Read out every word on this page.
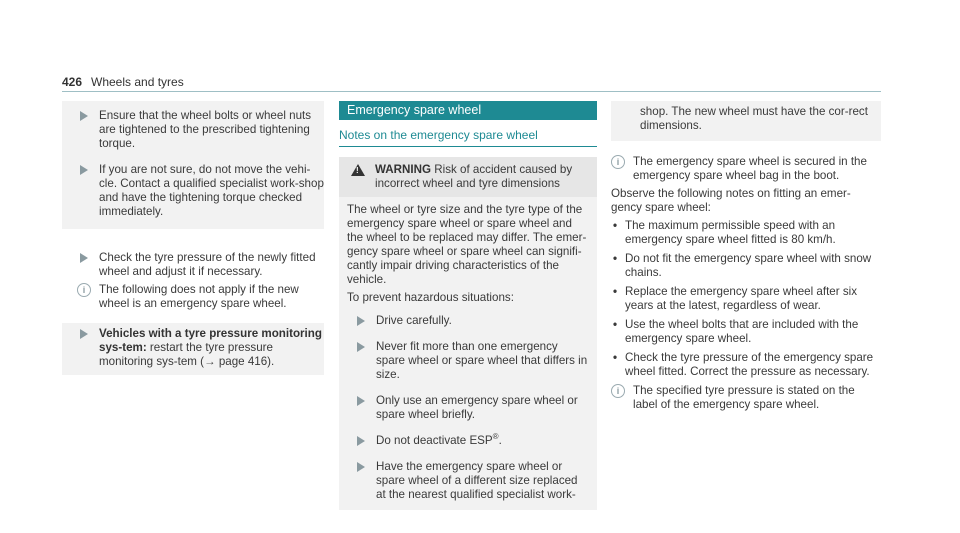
426 Wheels and tyres
Ensure that the wheel bolts or wheel nuts are tightened to the prescribed tightening torque.
If you are not sure, do not move the vehi-cle. Contact a qualified specialist work-shop and have the tightening torque checked immediately.
Check the tyre pressure of the newly fitted wheel and adjust it if necessary.
i	The following does not apply if the new wheel is an emergency spare wheel.
Vehicles with a tyre pressure monitoring sys-tem: restart the tyre pressure monitoring sys-tem (→ page 416).
Emergency spare wheel
Notes on the emergency spare wheel
! WARNING Risk of accident caused by incorrect wheel and tyre dimensions
The wheel or tyre size and the tyre type of the emergency spare wheel or spare wheel and the wheel to be replaced may differ. The emer-gency spare wheel or spare wheel can signifi-cantly impair driving characteristics of the vehicle.
To prevent hazardous situations:
Drive carefully.
Never fit more than one emergency spare wheel or spare wheel that differs in size.
Only use an emergency spare wheel or spare wheel briefly.
Do not deactivate ESP®.
Have the emergency spare wheel or spare wheel of a different size replaced at the nearest qualified specialist work-
shop. The new wheel must have the cor-rect dimensions.
i	The emergency spare wheel is secured in the emergency spare wheel bag in the boot.
Observe the following notes on fitting an emer-gency spare wheel:
• The maximum permissible speed with an emergency spare wheel fitted is 80 km/h.
• Do not fit the emergency spare wheel with snow chains.
• Replace the emergency spare wheel after six years at the latest, regardless of wear.
• Use the wheel bolts that are included with the emergency spare wheel.
• Check the tyre pressure of the emergency spare wheel fitted. Correct the pressure as necessary.
i	The specified tyre pressure is stated on the label of the emergency spare wheel.
